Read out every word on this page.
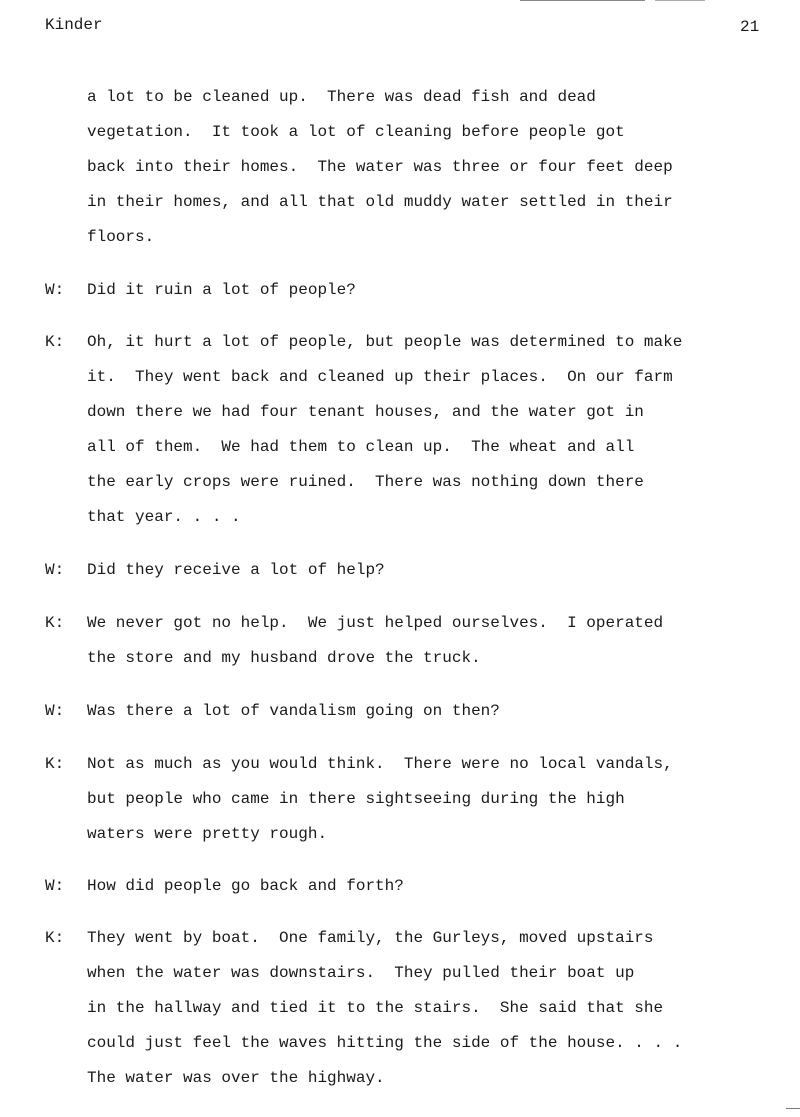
Kinder	21
a lot to be cleaned up.  There was dead fish and dead
vegetation.  It took a lot of cleaning before people got
back into their homes.  The water was three or four feet deep
in their homes, and all that old muddy water settled in their
floors.
W: Did it ruin a lot of people?
K: Oh, it hurt a lot of people, but people was determined to make
it.  They went back and cleaned up their places.  On our farm
down there we had four tenant houses, and the water got in
all of them.  We had them to clean up.  The wheat and all
the early crops were ruined.  There was nothing down there
that year. . . .
W: Did they receive a lot of help?
K: We never got no help.  We just helped ourselves.  I operated
the store and my husband drove the truck.
W: Was there a lot of vandalism going on then?
K: Not as much as you would think.  There were no local vandals,
but people who came in there sightseeing during the high
waters were pretty rough.
W: How did people go back and forth?
K: They went by boat.  One family, the Gurleys, moved upstairs
when the water was downstairs.  They pulled their boat up
in the hallway and tied it to the stairs.  She said that she
could just feel the waves hitting the side of the house. . . .
The water was over the highway.
